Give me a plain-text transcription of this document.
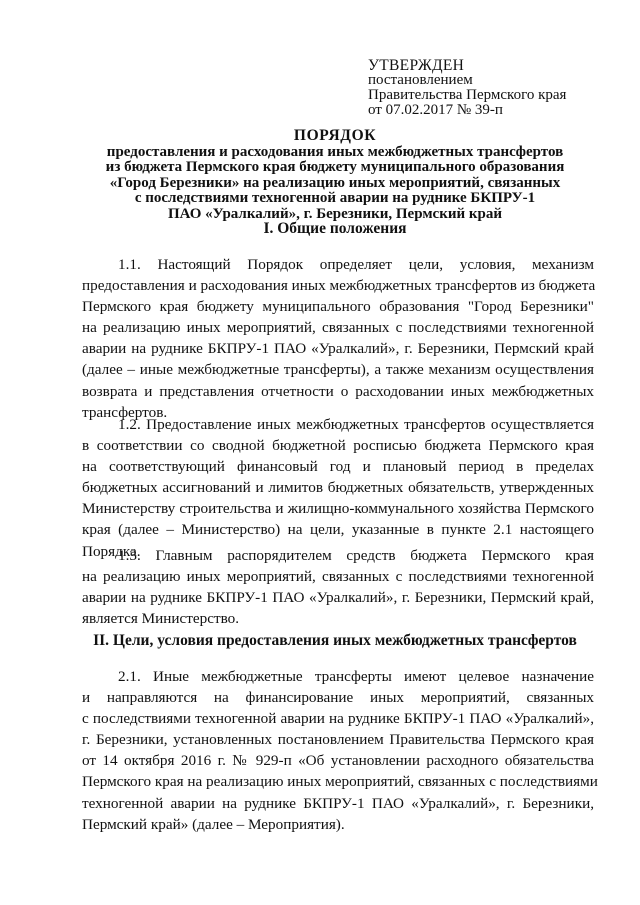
УТВЕРЖДЕН
постановлением
Правительства Пермского края
от 07.02.2017 № 39-п
ПОРЯДОК
предоставления и расходования иных межбюджетных трансфертов
из бюджета Пермского края бюджету муниципального образования
«Город Березники» на реализацию иных мероприятий, связанных
с последствиями техногенной аварии на руднике БКПРУ-1
ПАО «Уралкалий», г. Березники, Пермский край
I. Общие положения
1.1. Настоящий Порядок определяет цели, условия, механизм
предоставления и расходования иных межбюджетных трансфертов из бюджета
Пермского края бюджету муниципального образования "Город Березники"
на реализацию иных мероприятий, связанных с последствиями техногенной
аварии на руднике БКПРУ-1 ПАО «Уралкалий», г. Березники, Пермский край
(далее – иные межбюджетные трансферты), а также механизм осуществления
возврата и представления отчетности о расходовании иных межбюджетных
трансфертов.
1.2. Предоставление иных межбюджетных трансфертов осуществляется
в соответствии со сводной бюджетной росписью бюджета Пермского края
на соответствующий финансовый год и плановый период в пределах
бюджетных ассигнований и лимитов бюджетных обязательств, утвержденных
Министерству строительства и жилищно-коммунального хозяйства Пермского
края (далее – Министерство) на цели, указанные в пункте 2.1 настоящего
Порядка.
1.3. Главным распорядителем средств бюджета Пермского края
на реализацию иных мероприятий, связанных с последствиями техногенной
аварии на руднике БКПРУ-1 ПАО «Уралкалий», г. Березники, Пермский край,
является Министерство.
II. Цели, условия предоставления иных межбюджетных трансфертов
2.1. Иные межбюджетные трансферты имеют целевое назначение
и направляются на финансирование иных мероприятий, связанных
с последствиями техногенной аварии на руднике БКПРУ-1 ПАО «Уралкалий»,
г. Березники, установленных постановлением Правительства Пермского края
от 14 октября 2016 г. № 929-п «Об установлении расходного обязательства
Пермского края на реализацию иных мероприятий, связанных с последствиями
техногенной аварии на руднике БКПРУ-1 ПАО «Уралкалий», г. Березники,
Пермский край» (далее – Мероприятия).
